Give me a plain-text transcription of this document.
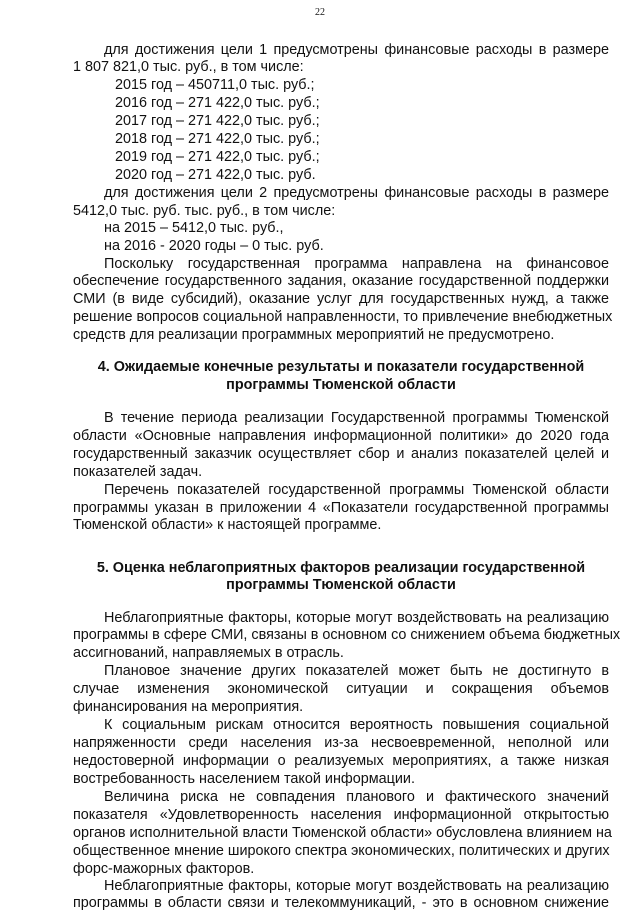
22
для достижения цели 1 предусмотрены финансовые расходы в размере
1 807 821,0 тыс. руб., в том числе:
2015 год – 450711,0 тыс. руб.;
2016 год – 271 422,0 тыс. руб.;
2017 год – 271 422,0 тыс. руб.;
2018 год – 271 422,0 тыс. руб.;
2019 год – 271 422,0 тыс. руб.;
2020 год – 271 422,0 тыс. руб.
для достижения цели 2 предусмотрены финансовые расходы в размере
5412,0 тыс. руб. тыс. руб., в том числе:
на 2015 – 5412,0 тыс. руб.,
на 2016 - 2020 годы – 0 тыс. руб.
Поскольку государственная программа направлена на финансовое
обеспечение государственного задания, оказание государственной поддержки
СМИ (в виде субсидий), оказание услуг для государственных нужд, а также
решение вопросов социальной направленности, то привлечение внебюджетных
средств для реализации программных мероприятий не предусмотрено.
4. Ожидаемые конечные результаты и показатели государственной
программы Тюменской области
В течение периода реализации Государственной программы Тюменской
области «Основные направления информационной политики» до 2020 года
государственный заказчик осуществляет сбор и анализ показателей целей и
показателей задач.
Перечень показателей государственной программы Тюменской области
программы указан в приложении 4 «Показатели государственной программы
Тюменской области» к настоящей программе.
5. Оценка неблагоприятных факторов реализации государственной
программы Тюменской области
Неблагоприятные факторы, которые могут воздействовать на реализацию
программы в сфере СМИ, связаны в основном со снижением объема бюджетных
ассигнований, направляемых в отрасль.
Плановое значение других показателей может быть не достигнуто в
случае изменения экономической ситуации и сокращения объемов
финансирования на мероприятия.
К социальным рискам относится вероятность повышения социальной
напряженности среди населения из-за несвоевременной, неполной или
недостоверной информации о реализуемых мероприятиях, а также низкая
востребованность населением такой информации.
Величина риска не совпадения планового и фактического значений
показателя «Удовлетворенность населения информационной открытостью
органов исполнительной власти Тюменской области» обусловлена влиянием на
общественное мнение широкого спектра экономических, политических и других
форс-мажорных факторов.
Неблагоприятные факторы, которые могут воздействовать на реализацию
программы в области связи и телекоммуникаций, - это в основном снижение
